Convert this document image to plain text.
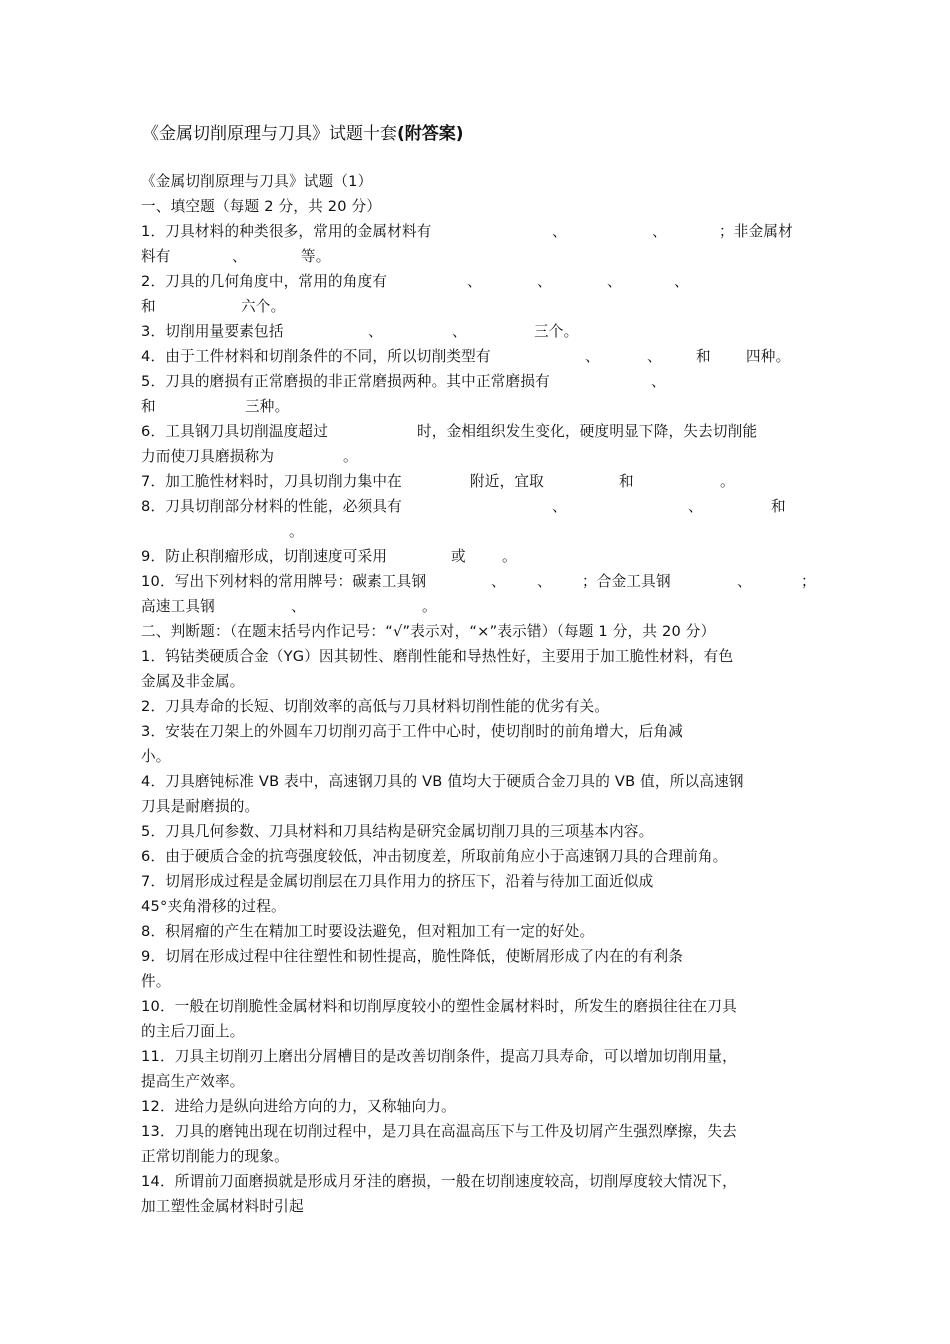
《金属切削原理与刀具》试题十套(附答案)
《金属切削原理与刀具》试题（1）
一、填空题（每题 2 分，共 20 分）
1．刀具材料的种类很多，常用的金属材料有	、	、	；非金属材
料有	、	等。
2．刀具的几何角度中，常用的角度有	、	、	、	、
和	六个。
3．切削用量要素包括	、	、	三个。
4．由于工件材料和切削条件的不同，所以切削类型有	、	、 和 四种。
5．刀具的磨损有正常磨损的非正常磨损两种。其中正常磨损有	、
和	三种。
6．工具钢刀具切削温度超过	时，金相组织发生变化，硬度明显下降，失去切削能
力而使刀具磨损称为	。
7．加工脆性材料时，刀具切削力集中在	附近，宜取	和	。
8．刀具切削部分材料的性能，必须具有	、	、	和
。
9．防止积削瘤形成，切削速度可采用	或 。
10．写出下列材料的常用牌号：碳素工具钢	、 、 ；合金工具钢	、	；
高速工具钢	、	。
二、判断题：（在题末括号内作记号：“√”表示对，“×”表示错）（每题 1 分，共 20 分）
1．钨钴类硬质合金（YG）因其韧性、磨削性能和导热性好，主要用于加工脆性材料，有色
金属及非金属。
2．刀具寿命的长短、切削效率的高低与刀具材料切削性能的优劣有关。
3．安装在刀架上的外圆车刀切削刃高于工件中心时，使切削时的前角增大，后角减
小。
4．刀具磨钝标准 VB 表中，高速钢刀具的 VB 值均大于硬质合金刀具的 VB 值，所以高速钢
刀具是耐磨损的。
5．刀具几何参数、刀具材料和刀具结构是研究金属切削刀具的三项基本内容。
6．由于硬质合金的抗弯强度较低，冲击韧度差，所取前角应小于高速钢刀具的合理前角。
7．切屑形成过程是金属切削层在刀具作用力的挤压下，沿着与待加工面近似成
45°夹角滑移的过程。
8．积屑瘤的产生在精加工时要设法避免，但对粗加工有一定的好处。
9．切屑在形成过程中往往塑性和韧性提高，脆性降低，使断屑形成了内在的有利条
件。
10．一般在切削脆性金属材料和切削厚度较小的塑性金属材料时，所发生的磨损往往在刀具
的主后刀面上。
11．刀具主切削刃上磨出分屑槽目的是改善切削条件，提高刀具寿命，可以增加切削用量，
提高生产效率。
12．进给力是纵向进给方向的力，又称轴向力。
13．刀具的磨钝出现在切削过程中，是刀具在高温高压下与工件及切屑产生强烈摩擦，失去
正常切削能力的现象。
14．所谓前刀面磨损就是形成月牙洼的磨损，一般在切削速度较高，切削厚度较大情况下，
加工塑性金属材料时引起
